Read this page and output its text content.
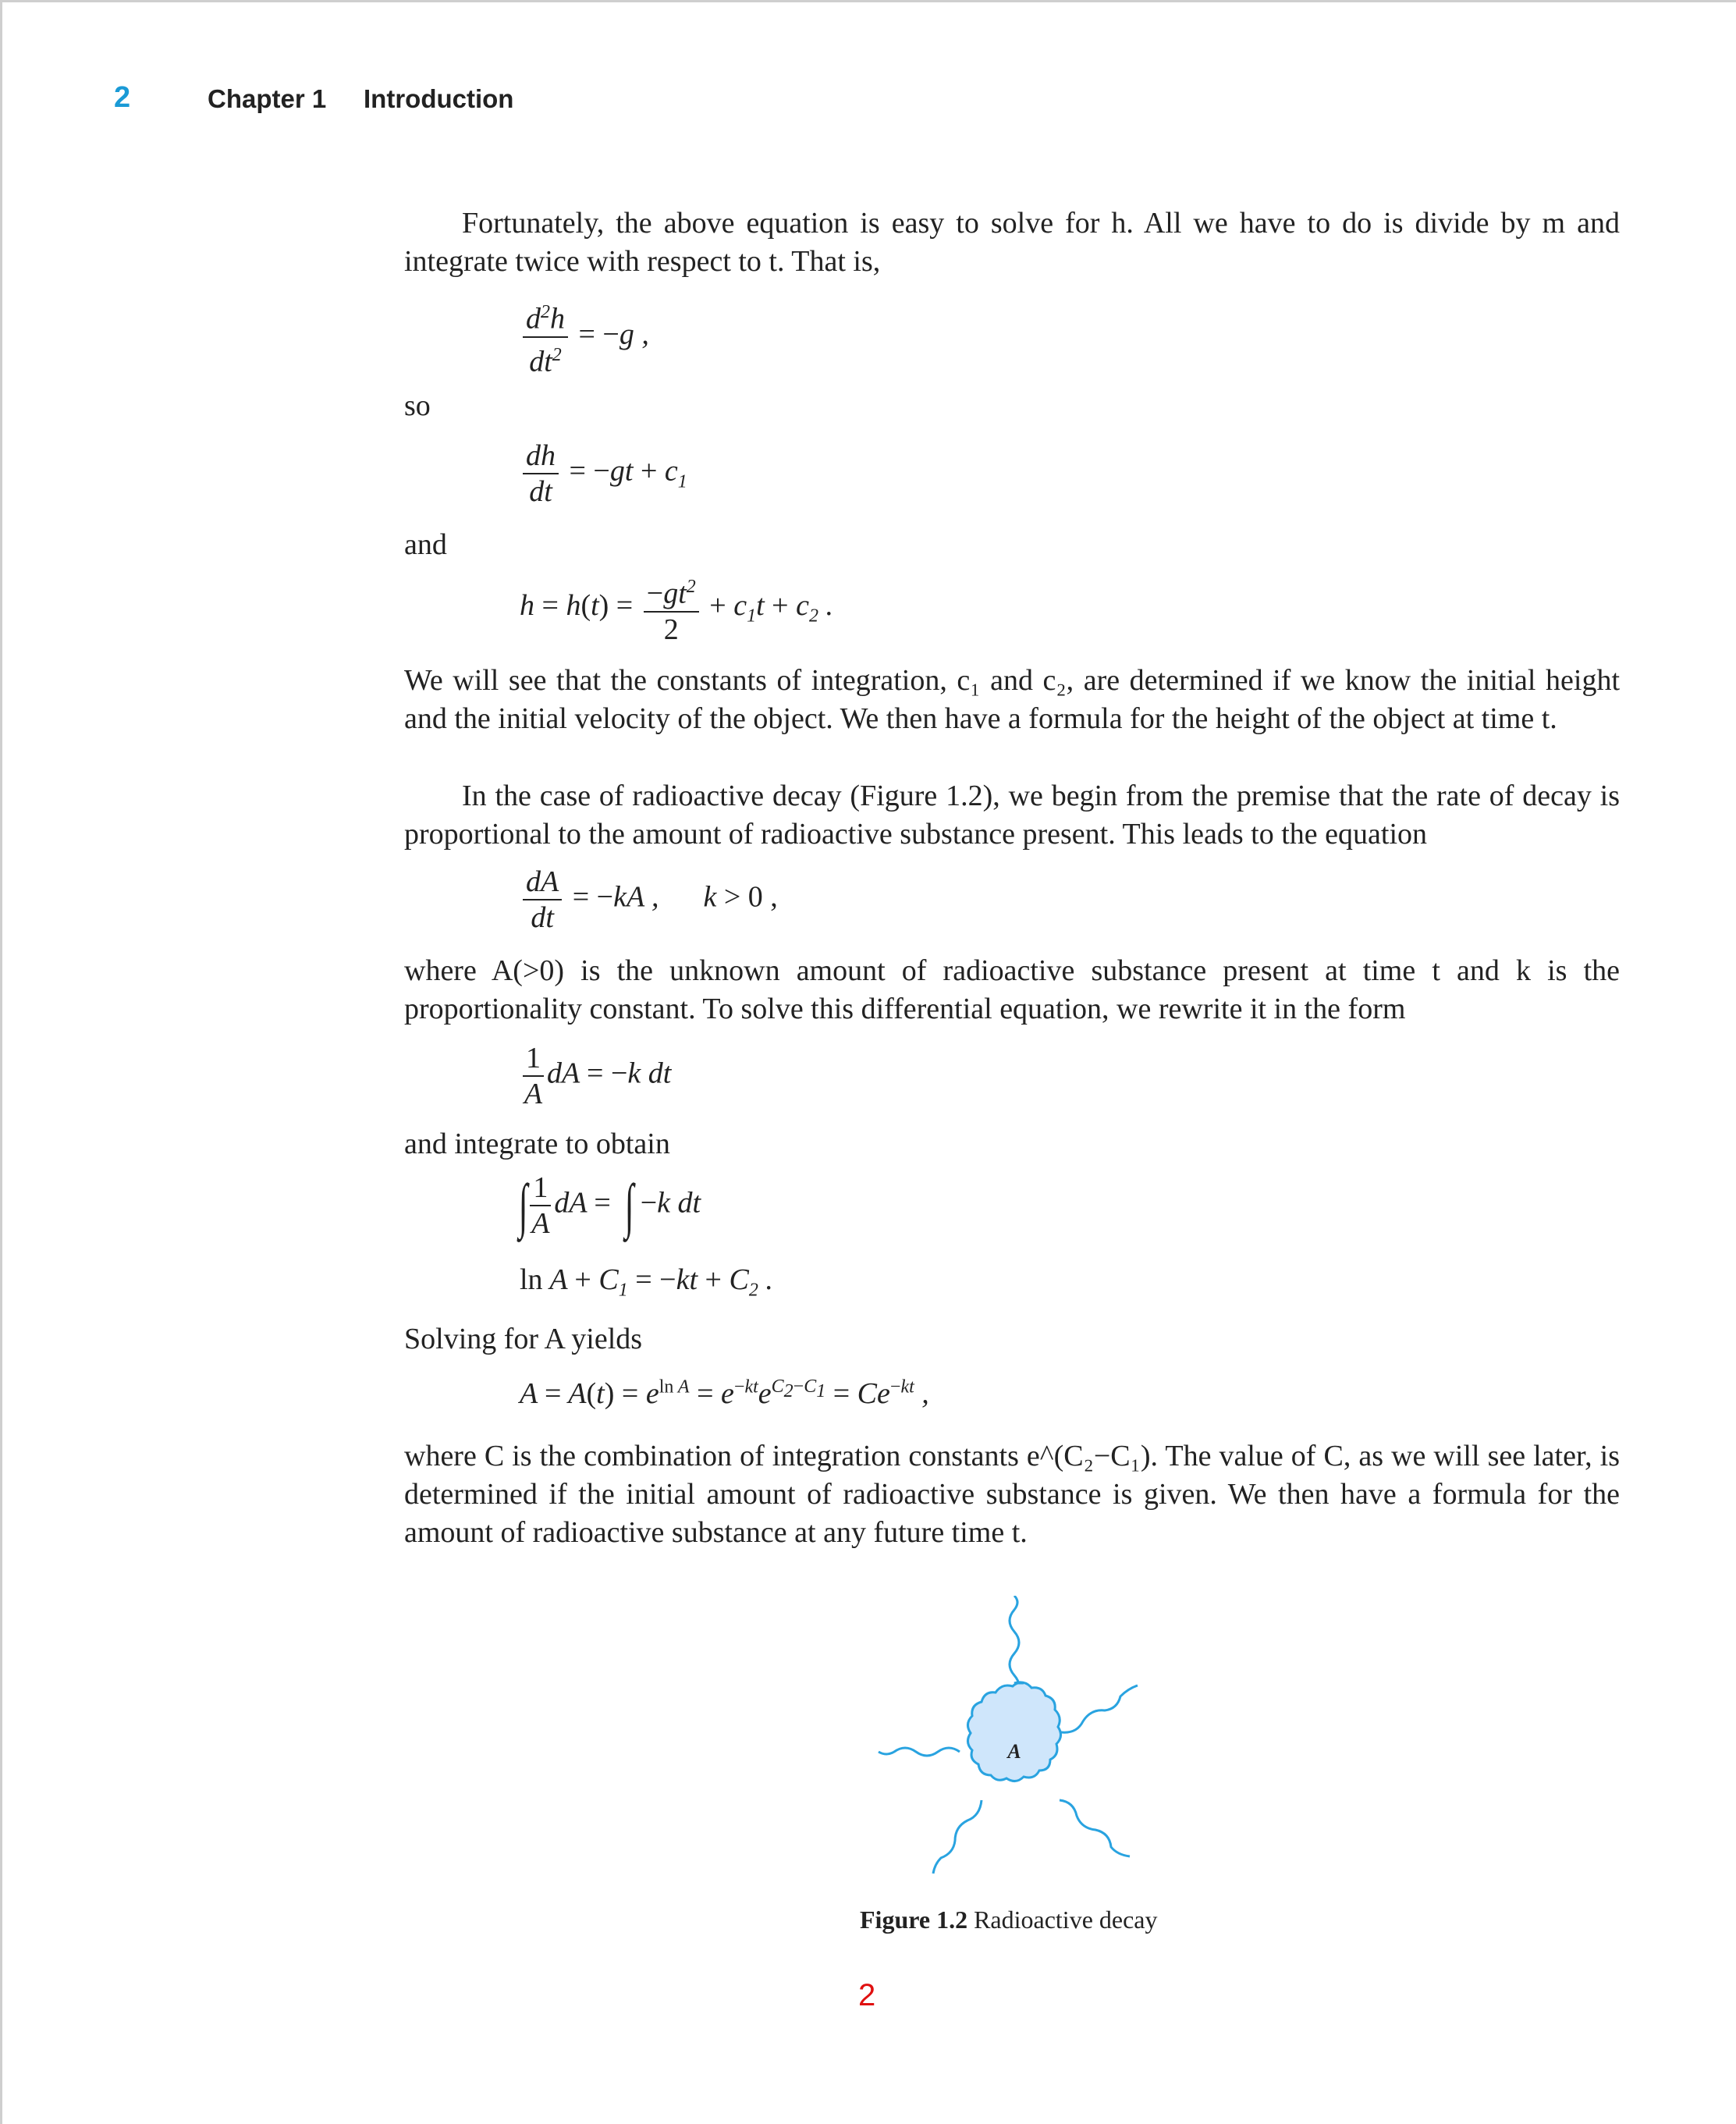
2	Chapter 1 Introduction
Fortunately, the above equation is easy to solve for h. All we have to do is divide by m and integrate twice with respect to t. That is,
$\frac{d^2h}{dt^2} = -g$ ,
so
$\frac{dh}{dt} = -gt + c_1$
and
$h = h(t) = \frac{-gt^2}{2} + c_1t + c_2$ .
We will see that the constants of integration, c₁ and c₂, are determined if we know the initial height and the initial velocity of the object. We then have a formula for the height of the object at time t.
In the case of radioactive decay (Figure 1.2), we begin from the premise that the rate of decay is proportional to the amount of radioactive substance present. This leads to the equation
$\frac{dA}{dt} = -kA$ ,      k > 0 ,
where A(>0) is the unknown amount of radioactive substance present at time t and k is the proportionality constant. To solve this differential equation, we rewrite it in the form
$\frac{1}{A}$ dA = −k dt
and integrate to obtain
∫ $\frac{1}{A}$ dA = ∫ −k dt
$\ln A + C_1 = -kt + C_2$ .
Solving for A yields
$A = A(t) = e^{ln A} = e^{-kt}e^{C_2-C_1} = Ce^{-kt}$ ,
where C is the combination of integration constants e^(C₂−C₁). The value of C, as we will see later, is determined if the initial amount of radioactive substance is given. We then have a formula for the amount of radioactive substance at any future time t.
A
Figure 1.2 Radioactive decay
2
